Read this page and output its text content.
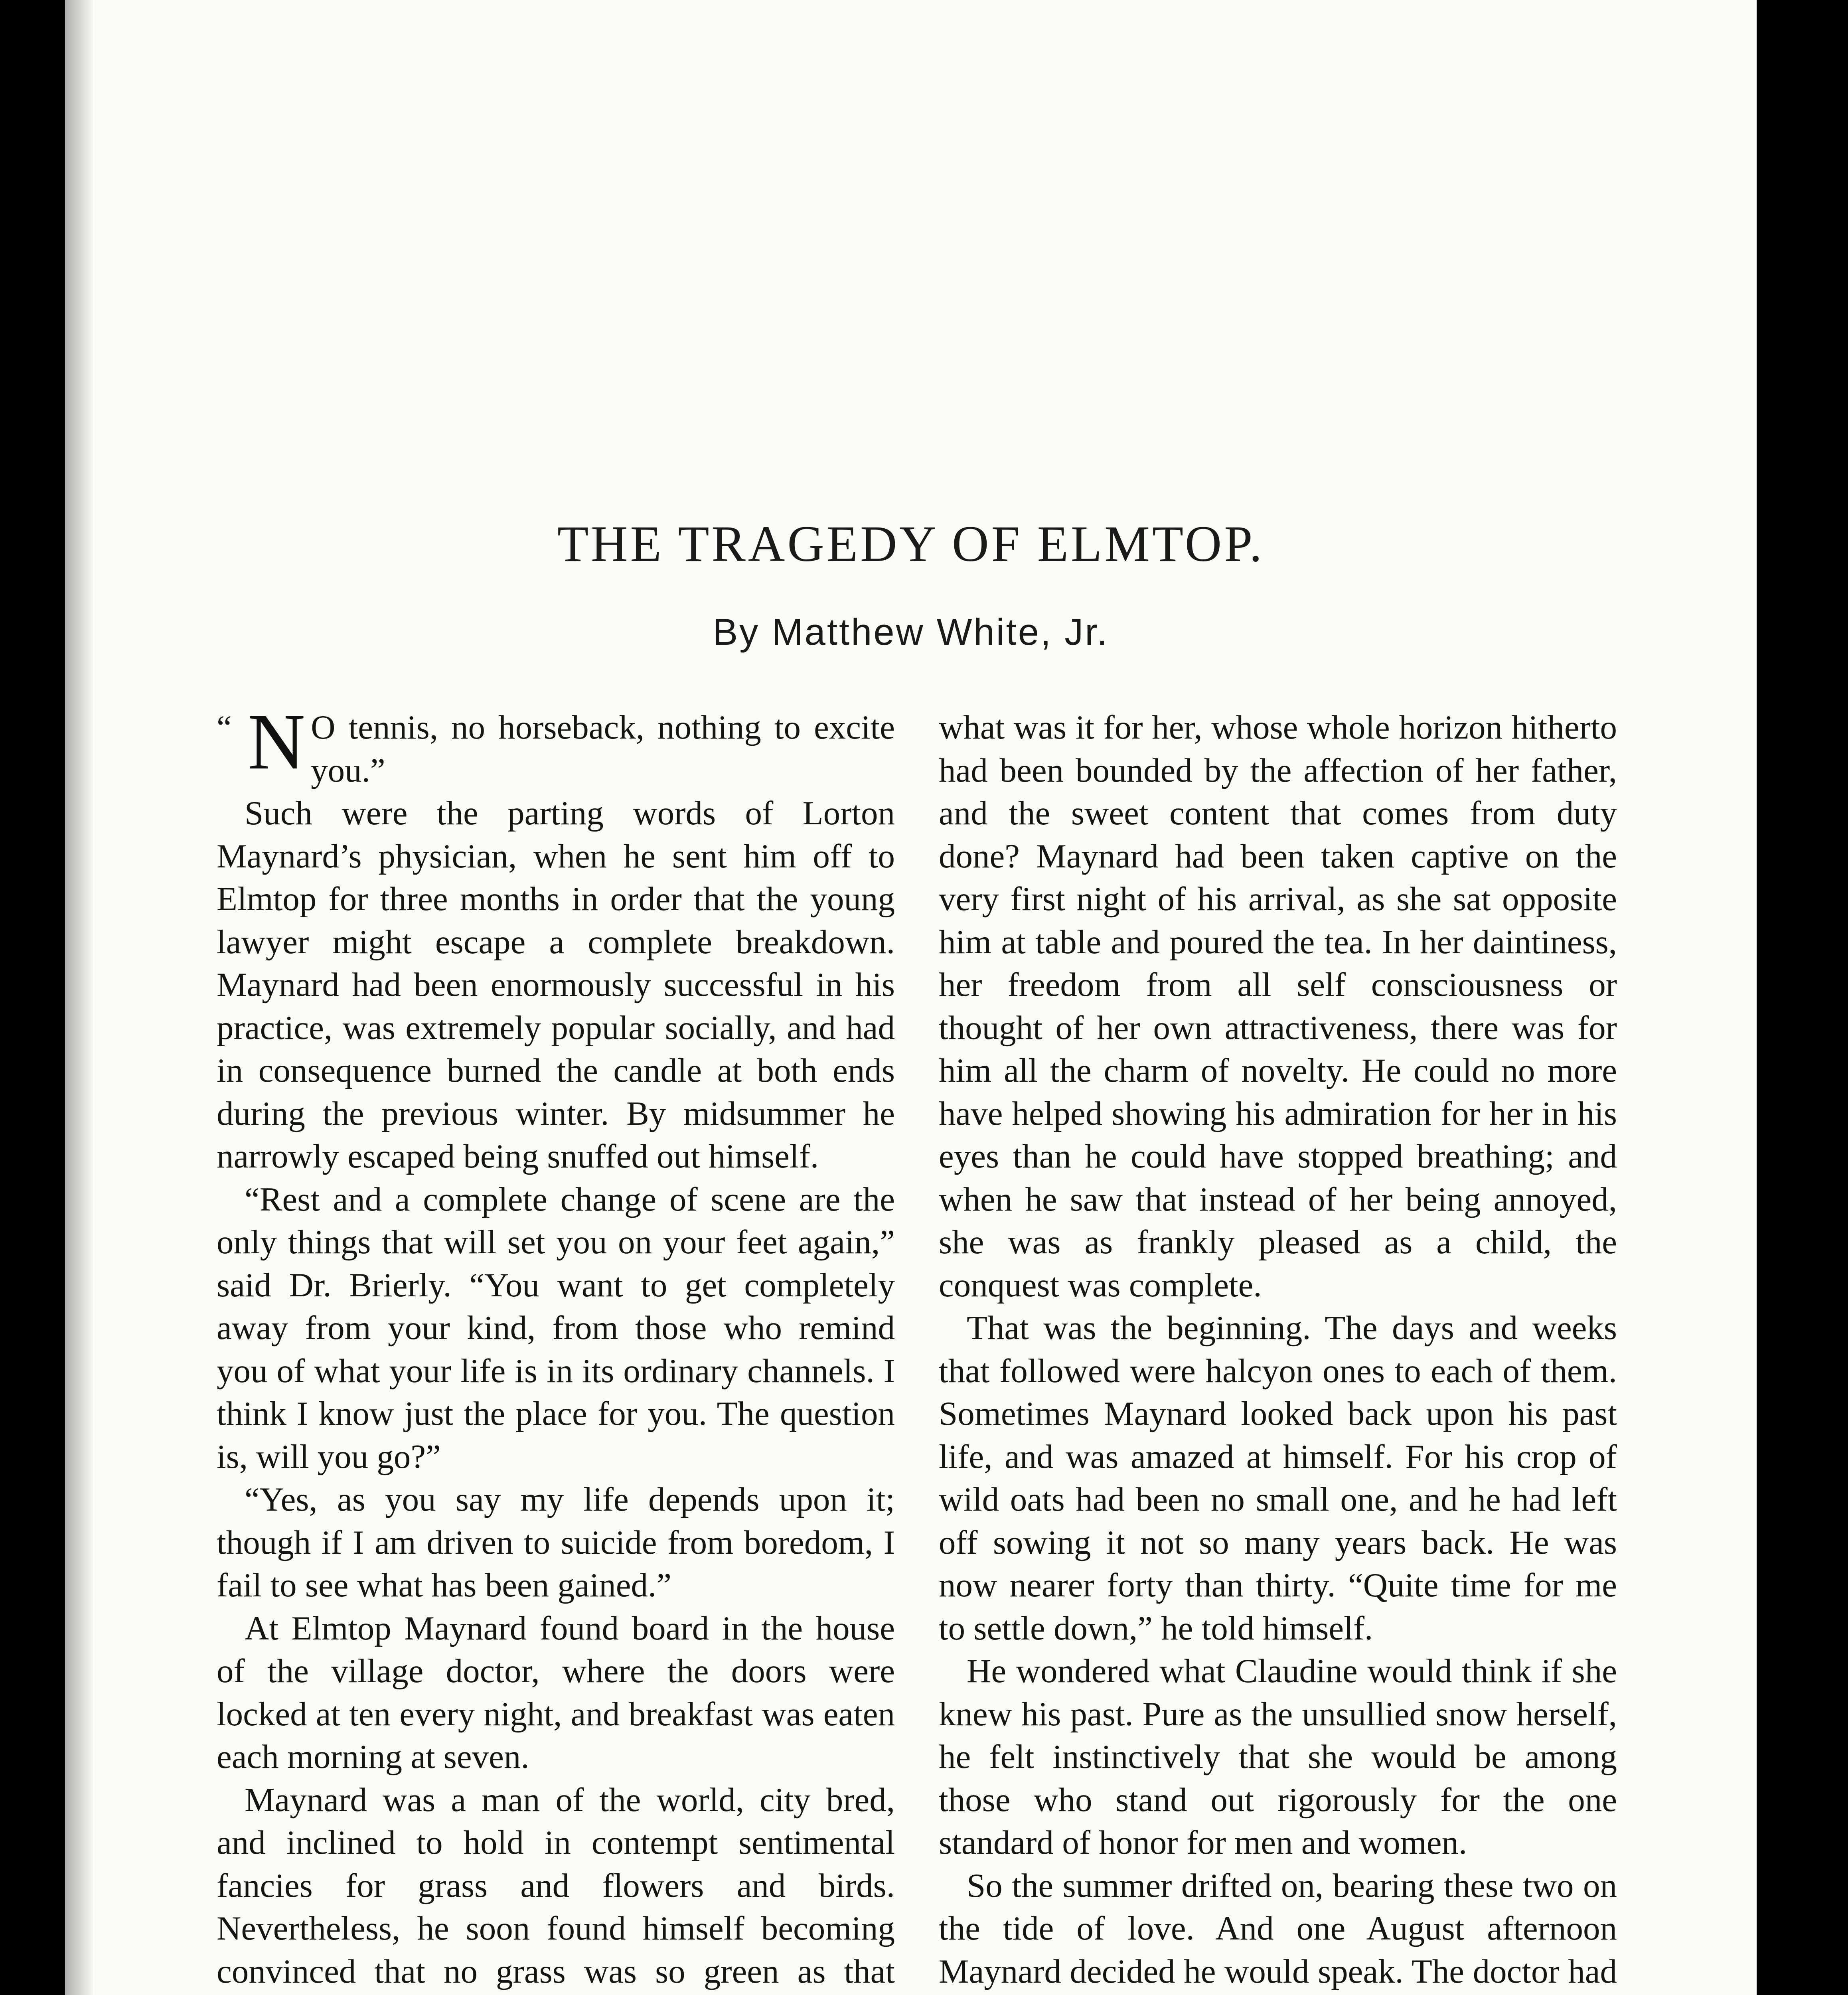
THE TRAGEDY OF ELMTOP.
By Matthew White, Jr.

“ N O tennis, no horseback, nothing to excite you.”

Such were the parting words of Lorton Maynard’s physician, when he sent him off to Elmtop for three months in order that the young lawyer might escape a complete breakdown. Maynard had been enormously successful in his practice, was extremely popular socially, and had in consequence burned the candle at both ends during the previous winter. By midsummer he narrowly escaped being snuffed out himself.

“Rest and a complete change of scene are the only things that will set you on your feet again,” said Dr. Brierly. “You want to get completely away from your kind, from those who remind you of what your life is in its ordinary channels. I think I know just the place for you. The question is, will you go?”

“Yes, as you say my life depends upon it; though if I am driven to suicide from boredom, I fail to see what has been gained.”

At Elmtop Maynard found board in the house of the village doctor, where the doors were locked at ten every night, and breakfast was eaten each morning at seven.

Maynard was a man of the world, city bred, and inclined to hold in contempt sentimental fancies for grass and flowers and birds. Nevertheless, he soon found himself becoming convinced that no grass was so green as that

what was it for her, whose whole horizon hitherto had been bounded by the affection of her father, and the sweet content that comes from duty done? Maynard had been taken captive on the very first night of his arrival, as she sat opposite him at table and poured the tea. In her daintiness, her freedom from all self consciousness or thought of her own attractiveness, there was for him all the charm of novelty. He could no more have helped showing his admiration for her in his eyes than he could have stopped breathing; and when he saw that instead of her being annoyed, she was as frankly pleased as a child, the conquest was complete.

That was the beginning. The days and weeks that followed were halcyon ones to each of them. Sometimes Maynard looked back upon his past life, and was amazed at himself. For his crop of wild oats had been no small one, and he had left off sowing it not so many years back. He was now nearer forty than thirty. “Quite time for me to settle down,” he told himself.

He wondered what Claudine would think if she knew his past. Pure as the unsullied snow herself, he felt instinctively that she would be among those who stand out rigorously for the one standard of honor for men and women.

So the summer drifted on, bearing these two on the tide of love. And one August afternoon Maynard decided he would speak. The doctor had
